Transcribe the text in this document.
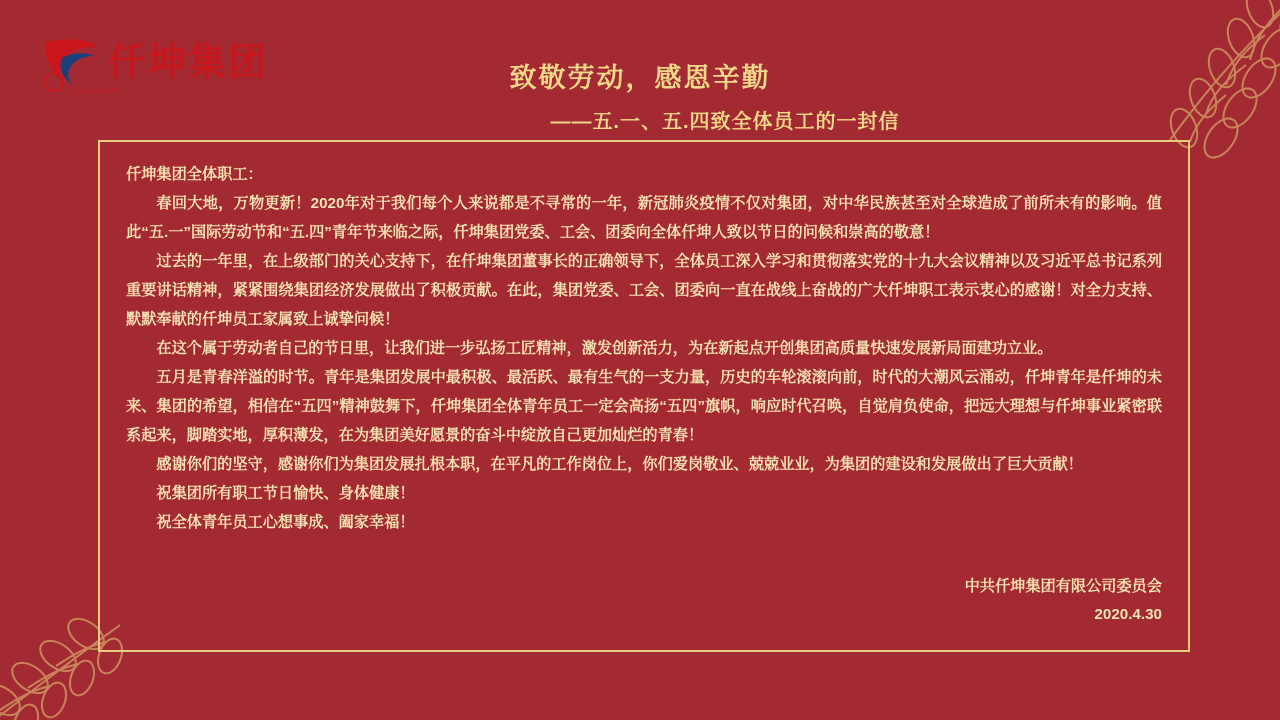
QIANKUN
仟坤集团	致敬劳动，感恩辛勤
——五.一、五.四致全体员工的一封信

仟坤集团全体职工：

春回大地，万物更新！2020年对于我们每个人来说都是不寻常的一年，新冠肺炎疫情不仅对集团，对中华民族甚至对全球造成了前所未有的影响。值此“五.一”国际劳动节和“五.四”青年节来临之际，仟坤集团党委、工会、团委向全体仟坤人致以节日的问候和崇高的敬意！

过去的一年里，在上级部门的关心支持下，在仟坤集团董事长的正确领导下，全体员工深入学习和贯彻落实党的十九大会议精神以及习近平总书记系列重要讲话精神，紧紧围绕集团经济发展做出了积极贡献。在此，集团党委、工会、团委向一直在战线上奋战的广大仟坤职工表示衷心的感谢！对全力支持、默默奉献的仟坤员工家属致上诚挚问候！

在这个属于劳动者自己的节日里，让我们进一步弘扬工匠精神，激发创新活力，为在新起点开创集团高质量快速发展新局面建功立业。

五月是青春洋溢的时节。青年是集团发展中最积极、最活跃、最有生气的一支力量，历史的车轮滚滚向前，时代的大潮风云涌动，仟坤青年是仟坤的未来、集团的希望，相信在“五四”精神鼓舞下，仟坤集团全体青年员工一定会高扬“五四”旗帜，响应时代召唤，自觉肩负使命，把远大理想与仟坤事业紧密联系起来，脚踏实地，厚积薄发，在为集团美好愿景的奋斗中绽放自己更加灿烂的青春！

感谢你们的坚守，感谢你们为集团发展扎根本职，在平凡的工作岗位上，你们爱岗敬业、兢兢业业，为集团的建设和发展做出了巨大贡献！

祝集团所有职工节日愉快、身体健康！

祝全体青年员工心想事成、阖家幸福！

中共仟坤集团有限公司委员会
2020.4.30
